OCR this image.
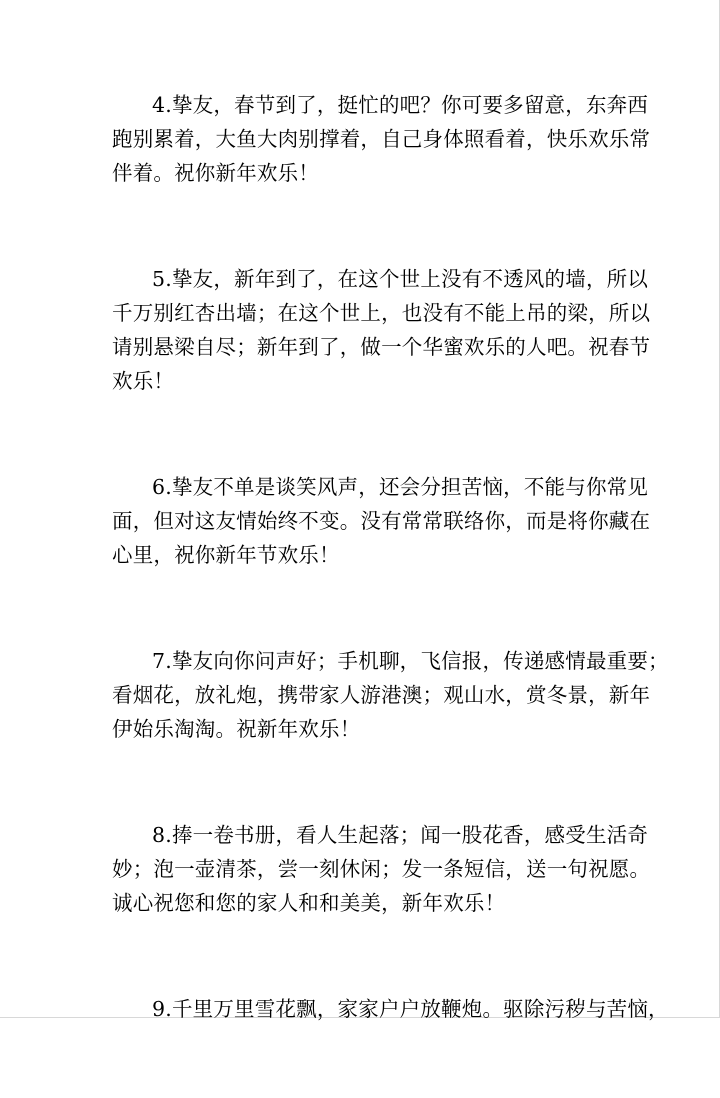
4.挚友，春节到了，挺忙的吧？你可要多留意，东奔西
跑别累着，大鱼大肉别撑着，自己身体照看着，快乐欢乐常
伴着。祝你新年欢乐！
5.挚友，新年到了，在这个世上没有不透风的墙，所以
千万别红杏出墙；在这个世上，也没有不能上吊的梁，所以
请别悬梁自尽；新年到了，做一个华蜜欢乐的人吧。祝春节
欢乐！
6.挚友不单是谈笑风声，还会分担苦恼，不能与你常见
面，但对这友情始终不变。没有常常联络你，而是将你藏在
心里，祝你新年节欢乐！
7.挚友向你问声好；手机聊，飞信报，传递感情最重要；
看烟花，放礼炮，携带家人游港澳；观山水，赏冬景，新年
伊始乐淘淘。祝新年欢乐！
8.捧一卷书册，看人生起落；闻一股花香，感受生活奇
妙；泡一壶清茶，尝一刻休闲；发一条短信，送一句祝愿。
诚心祝您和您的家人和和美美，新年欢乐！
9.千里万里雪花飘，家家户户放鞭炮。驱除污秽与苦恼，
